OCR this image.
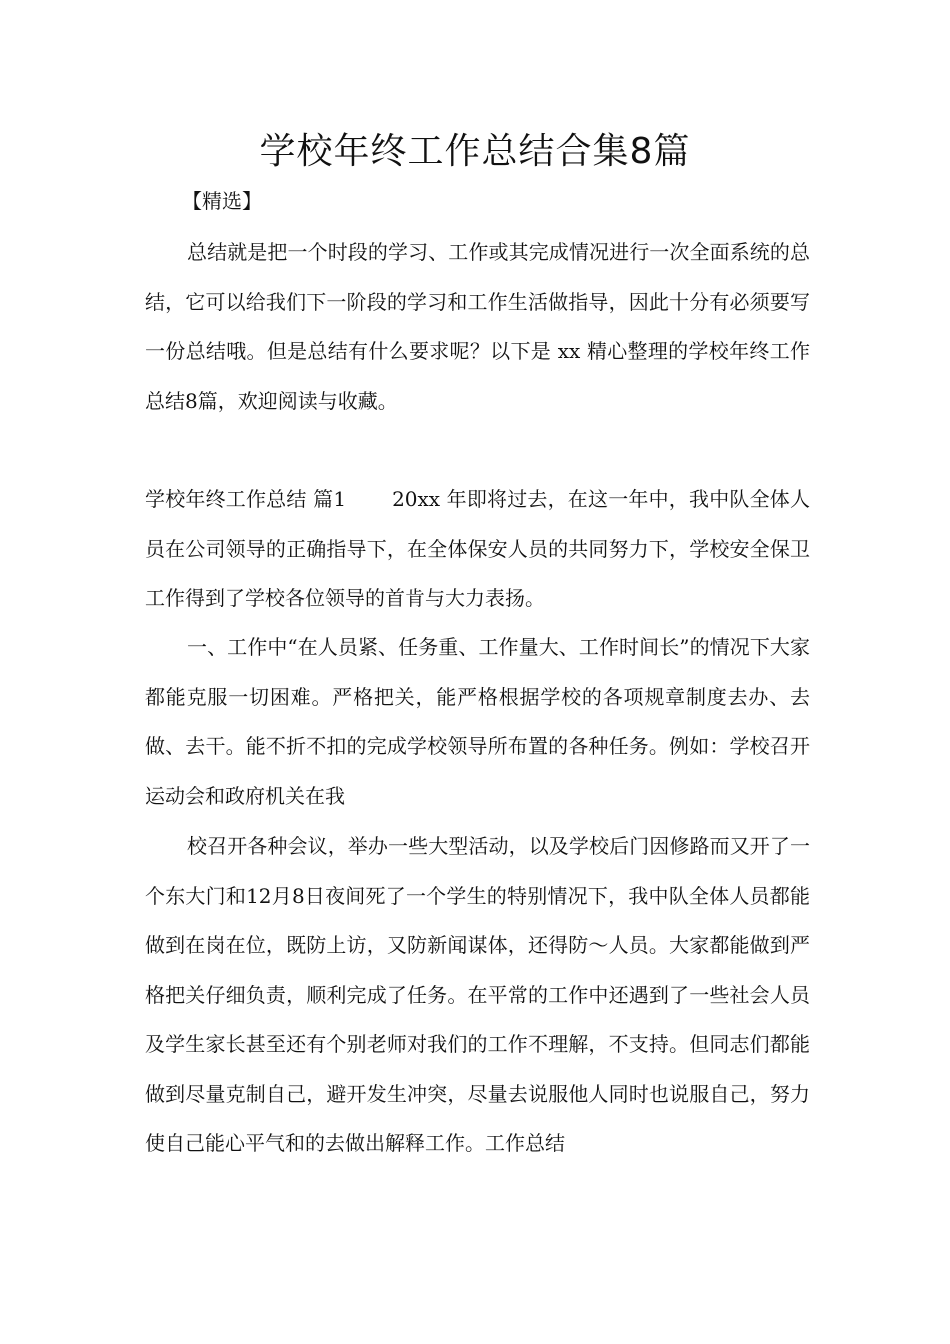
学校年终工作总结合集8篇

【精选】

总结就是把一个时段的学习、工作或其完成情况进行一次全面系统的总结，它可以给我们下一阶段的学习和工作生活做指导，因此十分有必须要写一份总结哦。但是总结有什么要求呢？以下是 xx 精心整理的学校年终工作总结8篇，欢迎阅读与收藏。

学校年终工作总结 篇1 20xx 年即将过去，在这一年中，我中队全体人员在公司领导的正确指导下，在全体保安人员的共同努力下，学校安全保卫工作得到了学校各位领导的首肯与大力表扬。

一、工作中“在人员紧、任务重、工作量大、工作时间长”的情况下大家都能克服一切困难。严格把关，能严格根据学校的各项规章制度去办、去做、去干。能不折不扣的完成学校领导所布置的各种任务。例如：学校召开运动会和政府机关在我

校召开各种会议，举办一些大型活动，以及学校后门因修路而又开了一个东大门和12月8日夜间死了一个学生的特别情况下，我中队全体人员都能做到在岗在位，既防上访，又防新闻谋体，还得防～人员。大家都能做到严格把关仔细负责，顺利完成了任务。在平常的工作中还遇到了一些社会人员及学生家长甚至还有个别老师对我们的工作不理解，不支持。但同志们都能做到尽量克制自己，避开发生冲突，尽量去说服他人同时也说服自己，努力使自己能心平气和的去做出解释工作。工作总结
